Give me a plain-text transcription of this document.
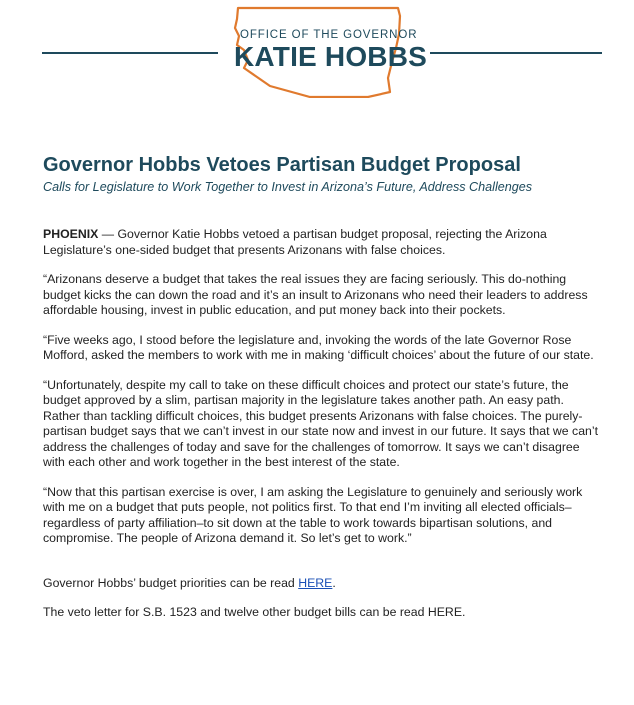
OFFICE OF THE GOVERNOR
KATIE HOBBS
Governor Hobbs Vetoes Partisan Budget Proposal
Calls for Legislature to Work Together to Invest in Arizona’s Future, Address Challenges

PHOENIX — Governor Katie Hobbs vetoed a partisan budget proposal, rejecting the Arizona Legislature’s one-sided budget that presents Arizonans with false choices.

“Arizonans deserve a budget that takes the real issues they are facing seriously. This do-nothing budget kicks the can down the road and it’s an insult to Arizonans who need their leaders to address affordable housing, invest in public education, and put money back into their pockets.

“Five weeks ago, I stood before the legislature and, invoking the words of the late Governor Rose Mofford, asked the members to work with me in making ‘difficult choices’ about the future of our state.

“Unfortunately, despite my call to take on these difficult choices and protect our state’s future, the budget approved by a slim, partisan majority in the legislature takes another path. An easy path. Rather than tackling difficult choices, this budget presents Arizonans with false choices. The purely-partisan budget says that we can’t invest in our state now and invest in our future. It says that we can’t address the challenges of today and save for the challenges of tomorrow. It says we can’t disagree with each other and work together in the best interest of the state.

“Now that this partisan exercise is over, I am asking the Legislature to genuinely and seriously work with me on a budget that puts people, not politics first. To that end I’m inviting all elected officials–regardless of party affiliation–to sit down at the table to work towards bipartisan solutions, and compromise. The people of Arizona demand it. So let’s get to work.”

Governor Hobbs’ budget priorities can be read HERE.

The veto letter for S.B. 1523 and twelve other budget bills can be read HERE.
